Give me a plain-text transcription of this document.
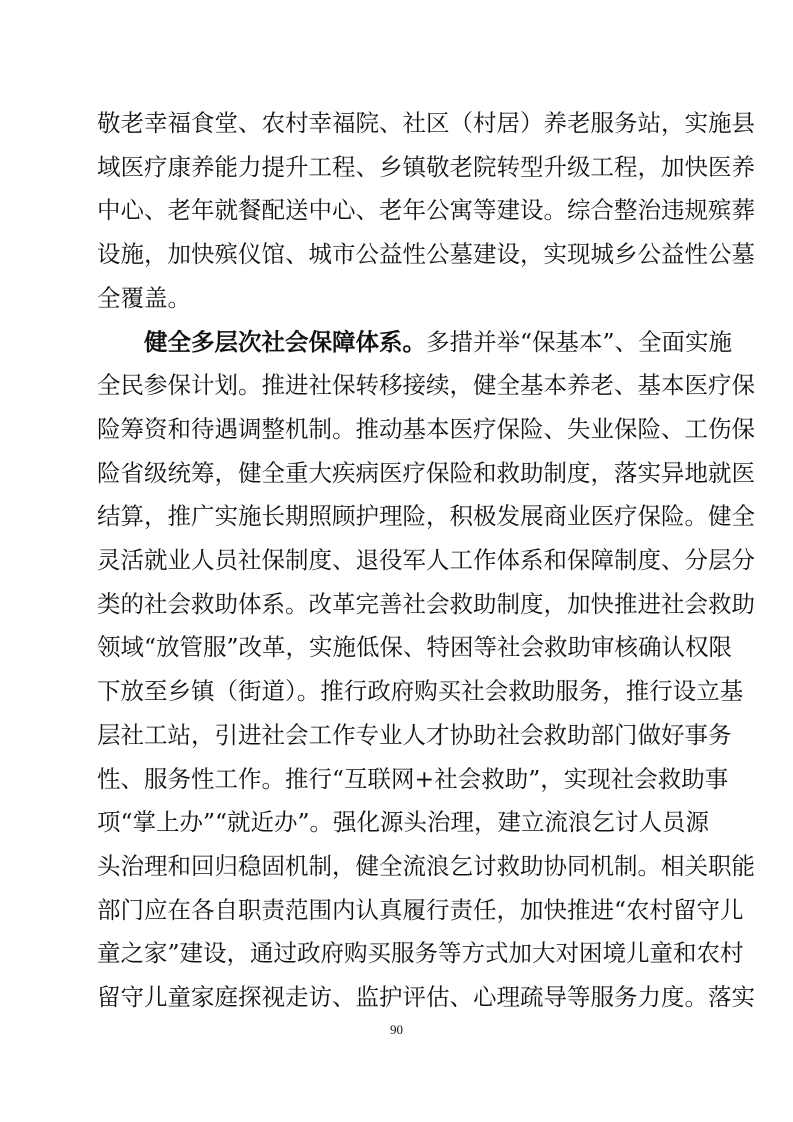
敬老幸福食堂、农村幸福院、社区（村居）养老服务站，实施县
域医疗康养能力提升工程、乡镇敬老院转型升级工程，加快医养
中心、老年就餐配送中心、老年公寓等建设。综合整治违规殡葬
设施，加快殡仪馆、城市公益性公墓建设，实现城乡公益性公墓
全覆盖。
健全多层次社会保障体系。多措并举“保基本”、全面实施
全民参保计划。推进社保转移接续，健全基本养老、基本医疗保
险筹资和待遇调整机制。推动基本医疗保险、失业保险、工伤保
险省级统筹，健全重大疾病医疗保险和救助制度，落实异地就医
结算，推广实施长期照顾护理险，积极发展商业医疗保险。健全
灵活就业人员社保制度、退役军人工作体系和保障制度、分层分
类的社会救助体系。改革完善社会救助制度，加快推进社会救助
领域“放管服”改革，实施低保、特困等社会救助审核确认权限
下放至乡镇（街道）。推行政府购买社会救助服务，推行设立基
层社工站，引进社会工作专业人才协助社会救助部门做好事务
性、服务性工作。推行“互联网+社会救助”，实现社会救助事
项“掌上办”“就近办”。强化源头治理，建立流浪乞讨人员源
头治理和回归稳固机制，健全流浪乞讨救助协同机制。相关职能
部门应在各自职责范围内认真履行责任，加快推进“农村留守儿
童之家”建设，通过政府购买服务等方式加大对困境儿童和农村
90
留守儿童家庭探视走访、监护评估、心理疏导等服务力度。落实
